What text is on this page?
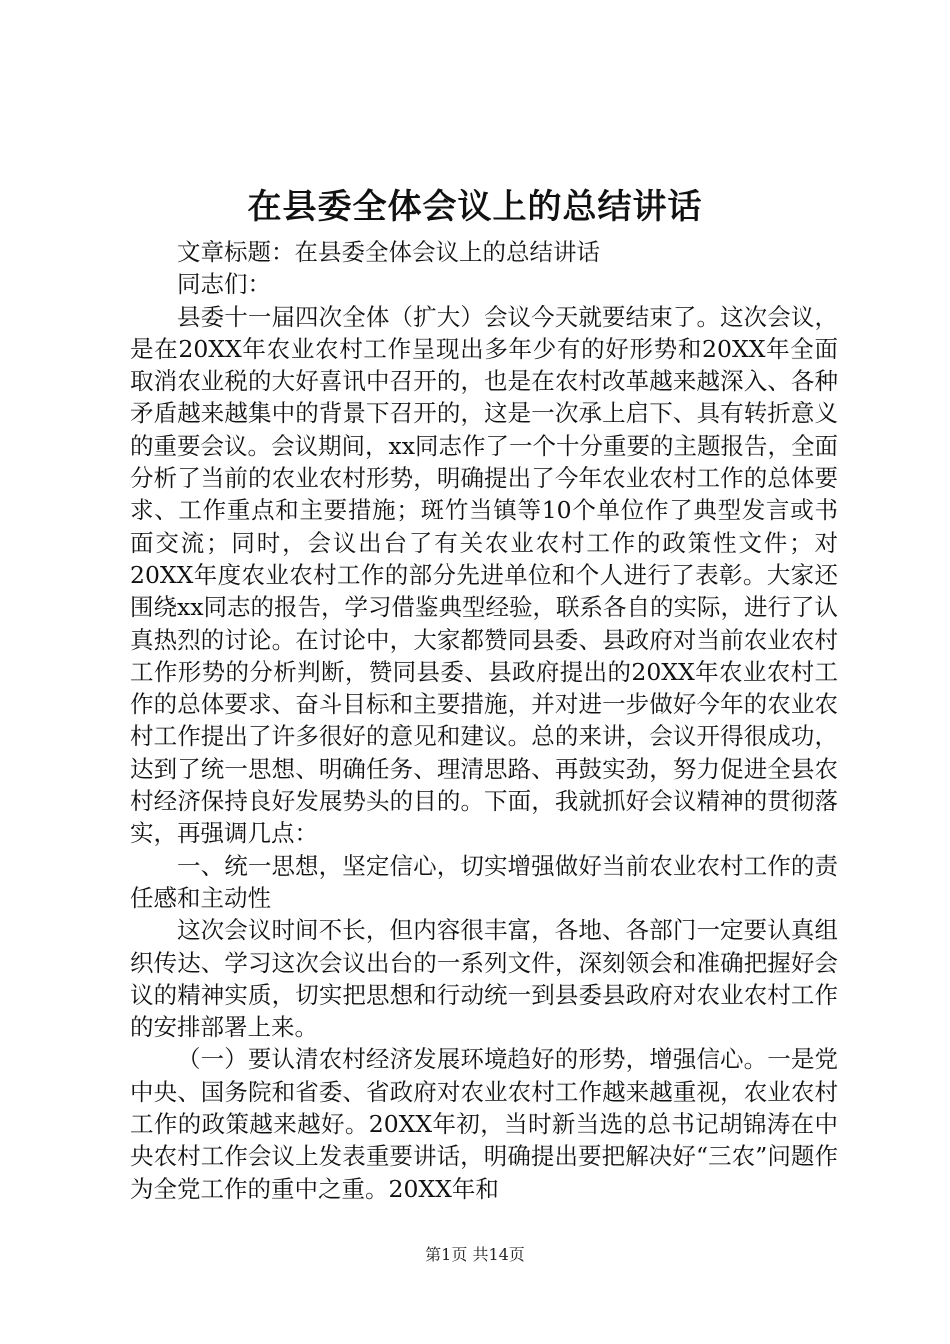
在县委全体会议上的总结讲话

文章标题：在县委全体会议上的总结讲话

同志们：

县委十一届四次全体（扩大）会议今天就要结束了。这次会议，是在20XX年农业农村工作呈现出多年少有的好形势和20XX年全面取消农业税的大好喜讯中召开的，也是在农村改革越来越深入、各种矛盾越来越集中的背景下召开的，这是一次承上启下、具有转折意义的重要会议。会议期间，xx同志作了一个十分重要的主题报告，全面分析了当前的农业农村形势，明确提出了今年农业农村工作的总体要求、工作重点和主要措施；斑竹当镇等10个单位作了典型发言或书面交流；同时，会议出台了有关农业农村工作的政策性文件；对20XX年度农业农村工作的部分先进单位和个人进行了表彰。大家还围绕xx同志的报告，学习借鉴典型经验，联系各自的实际，进行了认真热烈的讨论。在讨论中，大家都赞同县委、县政府对当前农业农村工作形势的分析判断，赞同县委、县政府提出的20XX年农业农村工作的总体要求、奋斗目标和主要措施，并对进一步做好今年的农业农村工作提出了许多很好的意见和建议。总的来讲，会议开得很成功，达到了统一思想、明确任务、理清思路、再鼓实劲，努力促进全县农村经济保持良好发展势头的目的。下面，我就抓好会议精神的贯彻落实，再强调几点：

一、统一思想，坚定信心，切实增强做好当前农业农村工作的责任感和主动性

这次会议时间不长，但内容很丰富，各地、各部门一定要认真组织传达、学习这次会议出台的一系列文件，深刻领会和准确把握好会议的精神实质，切实把思想和行动统一到县委县政府对农业农村工作的安排部署上来。

（一）要认清农村经济发展环境趋好的形势，增强信心。一是党中央、国务院和省委、省政府对农业农村工作越来越重视，农业农村工作的政策越来越好。20XX年初，当时新当选的总书记胡锦涛在中央农村工作会议上发表重要讲话，明确提出要把解决好“三农”问题作为全党工作的重中之重。20XX年和

第1页 共14页
